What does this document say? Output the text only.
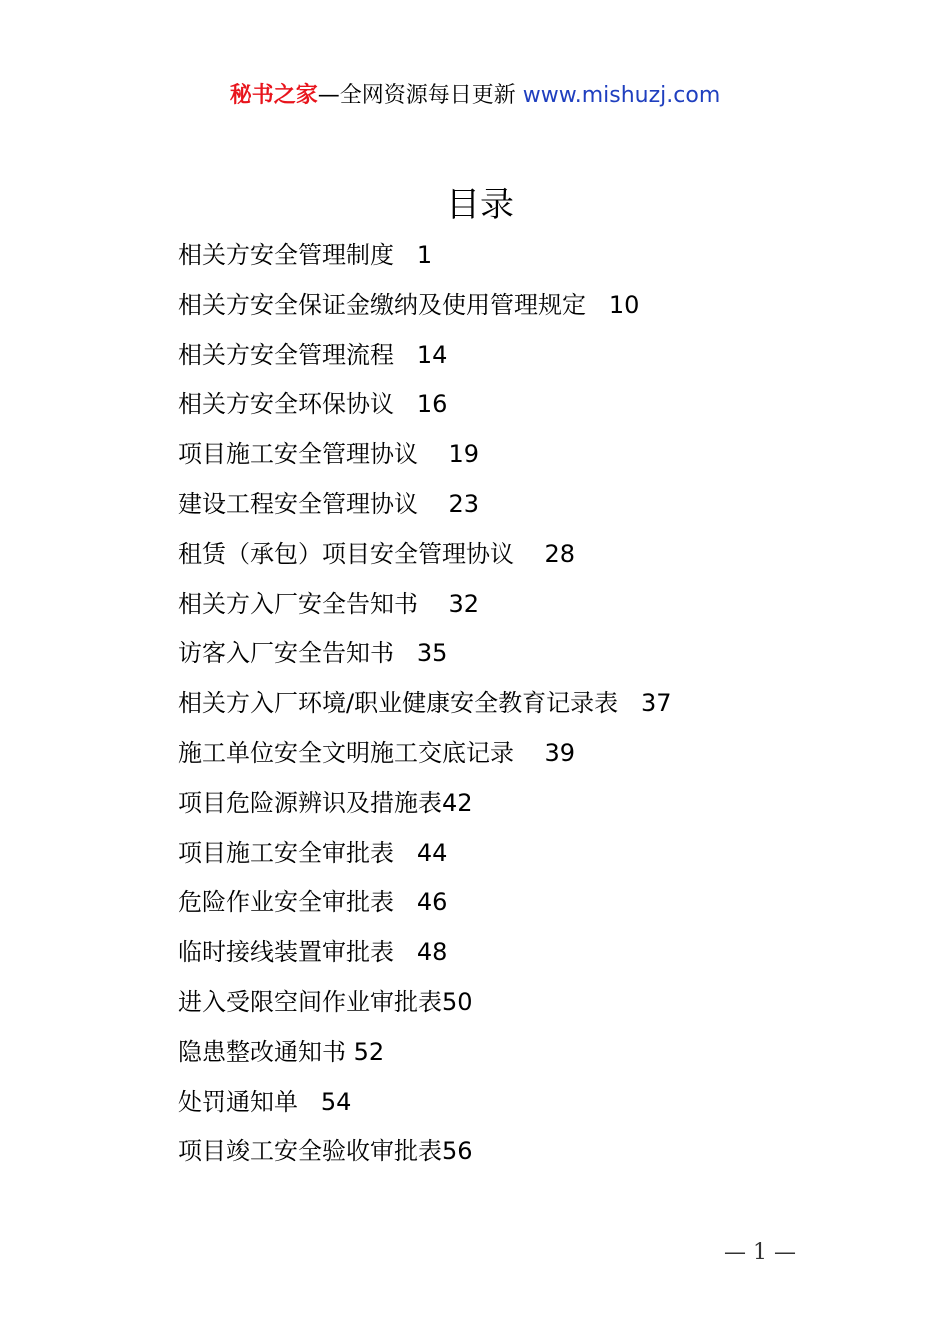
秘书之家—全网资源每日更新 www.mishuzj.com
目录
相关方安全管理制度   1
相关方安全保证金缴纳及使用管理规定   10
相关方安全管理流程   14
相关方安全环保协议   16
项目施工安全管理协议    19
建设工程安全管理协议    23
租赁（承包）项目安全管理协议    28
相关方入厂安全告知书    32
访客入厂安全告知书   35
相关方入厂环境/职业健康安全教育记录表   37
施工单位安全文明施工交底记录    39
项目危险源辨识及措施表42
项目施工安全审批表   44
危险作业安全审批表   46
临时接线装置审批表   48
进入受限空间作业审批表50
隐患整改通知书 52
处罚通知单   54
项目竣工安全验收审批表56
— 1 —
